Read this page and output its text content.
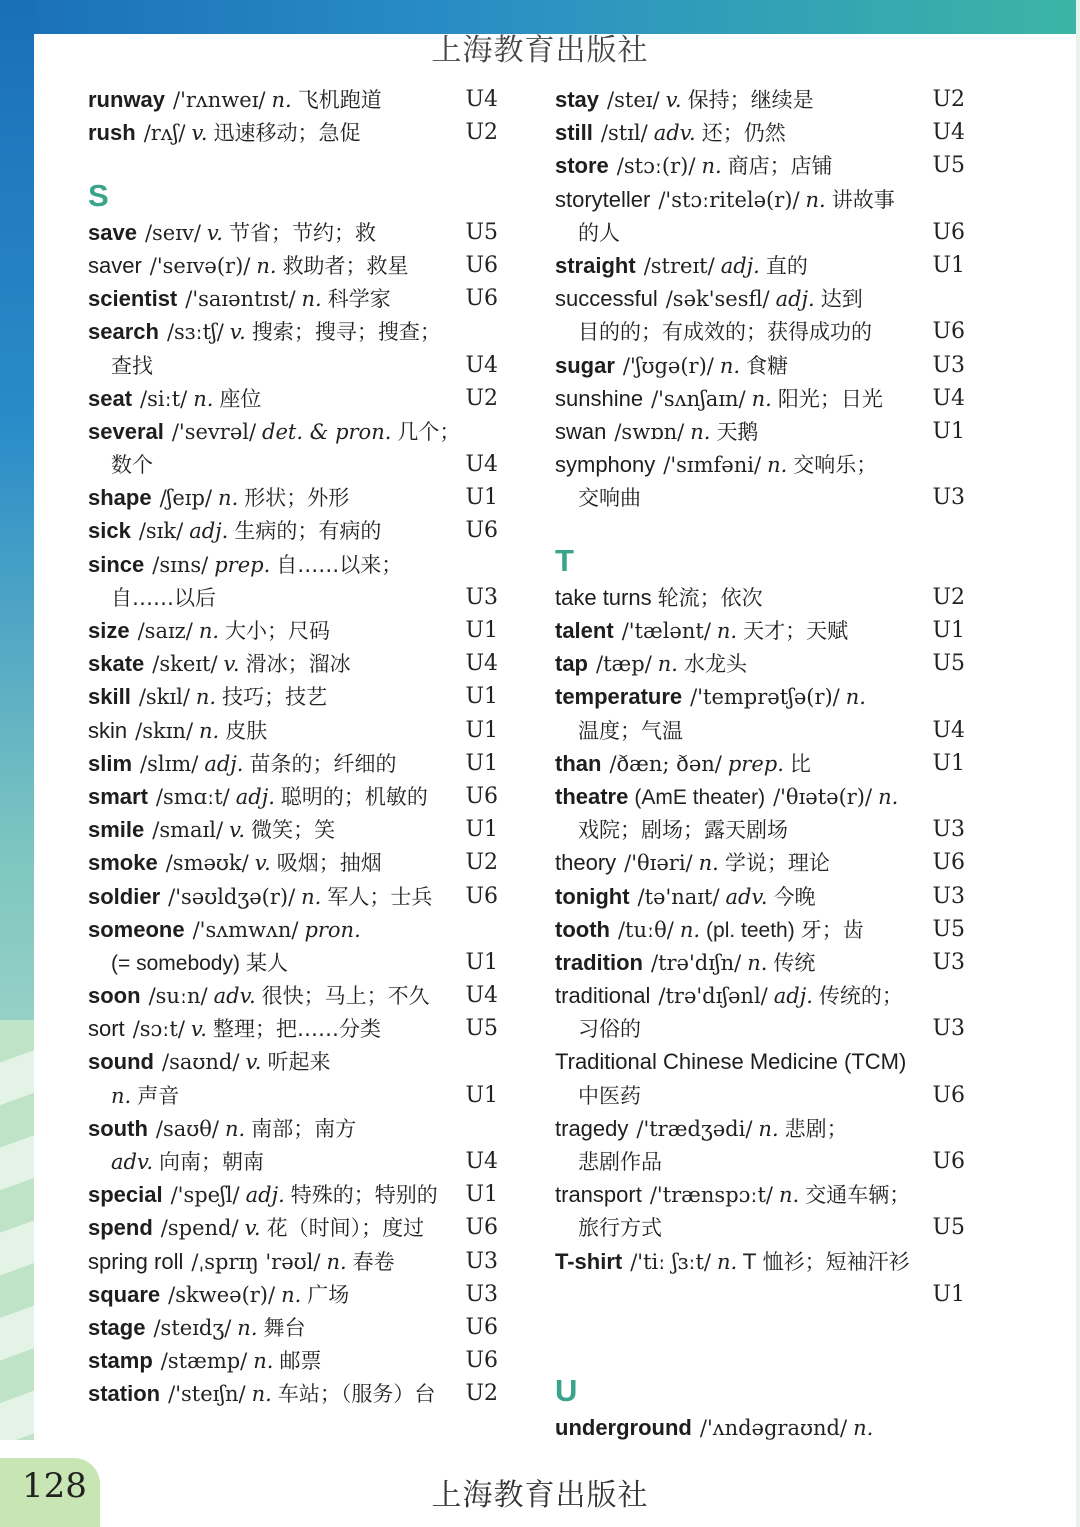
上海教育出版社
runway /'rʌnweɪ/ n. 飞机跑道	U4
rush /rʌʃ/ v. 迅速移动；急促	U2
S
save /seɪv/ v. 节省；节约；救	U5
saver /'seɪvə(r)/ n. 救助者；救星	U6
scientist /'saɪəntɪst/ n. 科学家	U6
search /sɜːtʃ/ v. 搜索；搜寻；搜查；
查找	U4
seat /siːt/ n. 座位	U2
several /'sevrəl/ det. & pron. 几个；
数个	U4
shape /ʃeɪp/ n. 形状；外形	U1
sick /sɪk/ adj. 生病的；有病的	U6
since /sɪns/ prep. 自……以来；
自……以后	U3
size /saɪz/ n. 大小；尺码	U1
skate /skeɪt/ v. 滑冰；溜冰	U4
skill /skɪl/ n. 技巧；技艺	U1
skin /skɪn/ n. 皮肤	U1
slim /slɪm/ adj. 苗条的；纤细的	U1
smart /smɑːt/ adj. 聪明的；机敏的 U6
smile /smaɪl/ v. 微笑；笑	U1
smoke /sməʊk/ v. 吸烟；抽烟	U2
soldier /'səʊldʒə(r)/ n. 军人；士兵 U6
someone /'sʌmwʌn/ pron.
(= somebody) 某人	U1
soon /suːn/ adv. 很快；马上；不久 U4
sort /sɔːt/ v. 整理；把……分类	U5
sound /saʊnd/ v. 听起来
n. 声音	U1
south /saʊθ/ n. 南部；南方
adv. 向南；朝南	U4
special /'speʃl/ adj. 特殊的；特别的 U1
spend /spend/ v. 花（时间）；度过 U6
spring roll /ˌsprɪŋ 'rəʊl/ n. 春卷	U3
square /skweə(r)/ n. 广场	U3
stage /steɪdʒ/ n. 舞台	U6
stamp /stæmp/ n. 邮票	U6
station /'steɪʃn/ n. 车站；（服务）台 U2
stay /steɪ/ v. 保持；继续是	U2
still /stɪl/ adv. 还；仍然	U4
store /stɔː(r)/ n. 商店；店铺	U5
storyteller /'stɔːritelə(r)/ n. 讲故事
的人	U6
straight /streɪt/ adj. 直的	U1
successful /sək'sesfl/ adj. 达到
目的的；有成效的；获得成功的	U6
sugar /'ʃʊgə(r)/ n. 食糖	U3
sunshine /'sʌnʃaɪn/ n. 阳光；日光 U4
swan /swɒn/ n. 天鹅	U1
symphony /'sɪmfəni/ n. 交响乐；
交响曲	U3
T
take turns 轮流；依次	U2
talent /'tælənt/ n. 天才；天赋	U1
tap /tæp/ n. 水龙头	U5
temperature /'temprətʃə(r)/ n.
温度；气温	U4
than /ðæn; ðən/ prep. 比	U1
theatre (AmE theater) /'θɪətə(r)/ n.
戏院；剧场；露天剧场	U3
theory /'θɪəri/ n. 学说；理论	U6
tonight /tə'naɪt/ adv. 今晚	U3
tooth /tuːθ/ n. (pl. teeth) 牙；齿	U5
tradition /trə'dɪʃn/ n. 传统	U3
traditional /trə'dɪʃənl/ adj. 传统的；
习俗的	U3
Traditional Chinese Medicine (TCM)
中医药	U6
tragedy /'trædʒədi/ n. 悲剧；
悲剧作品	U6
transport /'trænspɔːt/ n. 交通车辆；
旅行方式	U5
T-shirt /'tiː ʃɜːt/ n. T 恤衫；短袖汗衫
U1
U
underground /'ʌndəgraʊnd/ n.
128	上海教育出版社
